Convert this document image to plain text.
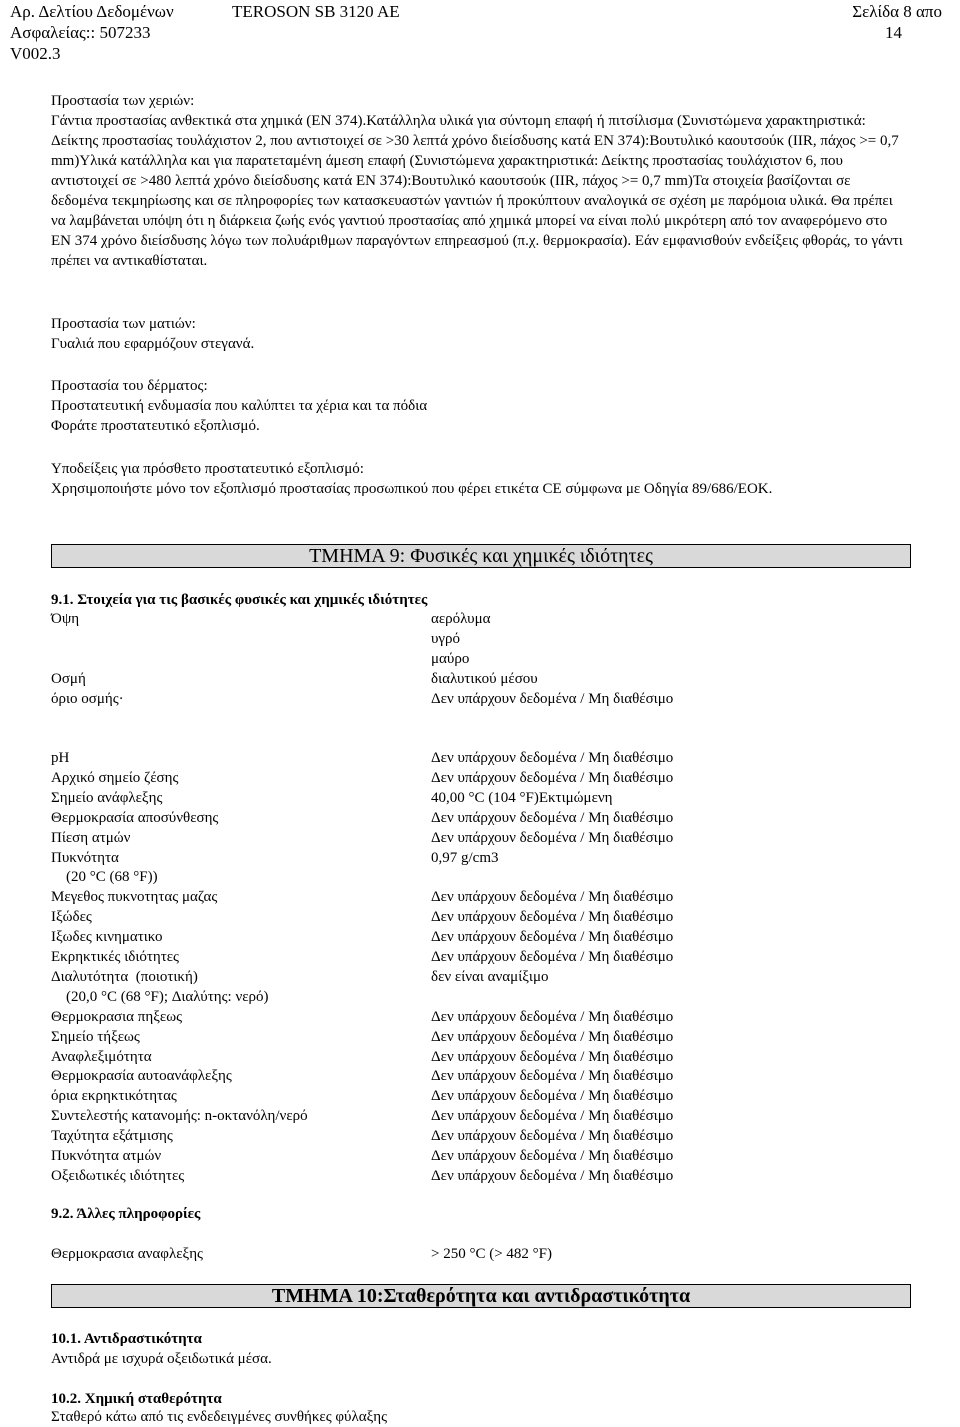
Αρ. Δελτίου Δεδομένων	TEROSON SB 3120 AE	Σελίδα 8 απο
Ασφαλείας:: 507233	14
V002.3
Προστασία των χεριών:
Γάντια προστασίας ανθεκτικά στα χημικά (EN 374).Κατάλληλα υλικά για σύντομη επαφή ή πιτσίλισμα (Συνιστώμενα χαρακτηριστικά: Δείκτης προστασίας τουλάχιστον 2, που αντιστοιχεί σε >30 λεπτά χρόνο διείσδυσης κατά EN 374):Βουτυλικό καουτσούκ (IIR, πάχος >= 0,7 mm)Υλικά κατάλληλα και για παρατεταμένη άμεση επαφή (Συνιστώμενα χαρακτηριστικά: Δείκτης προστασίας τουλάχιστον 6, που αντιστοιχεί σε >480 λεπτά χρόνο διείσδυσης κατά EN 374):Βουτυλικό καουτσούκ (IIR, πάχος >= 0,7 mm)Τα στοιχεία βασίζονται σε δεδομένα τεκμηρίωσης και σε πληροφορίες των κατασκευαστών γαντιών ή προκύπτουν αναλογικά σε σχέση με παρόμοια υλικά. Θα πρέπει να λαμβάνεται υπόψη ότι η διάρκεια ζωής ενός γαντιού προστασίας από χημικά μπορεί να είναι πολύ μικρότερη από τον αναφερόμενο στο EN 374 χρόνο διείσδυσης λόγω των πολυάριθμων παραγόντων επηρεασμού (π.χ. θερμοκρασία). Εάν εμφανισθούν ενδείξεις φθοράς, το γάντι πρέπει να αντικαθίσταται.
Προστασία των ματιών:
Γυαλιά που εφαρμόζουν στεγανά.
Προστασία του δέρματος:
Προστατευτική ενδυμασία που καλύπτει τα χέρια και τα πόδια
Φοράτε προστατευτικό εξοπλισμό.
Υποδείξεις για πρόσθετο προστατευτικό εξοπλισμό:
Χρησιμοποιήστε μόνο τον εξοπλισμό προστασίας προσωπικού που φέρει ετικέτα CE σύμφωνα με Οδηγία 89/686/ΕΟΚ.
ΤΜΗΜΑ 9: Φυσικές και χημικές ιδιότητες
9.1. Στοιχεία για τις βασικές φυσικές και χημικές ιδιότητες
Όψη	αερόλυμα
υγρό
μαύρο
Οσμή	διαλυτικού μέσου
όριο οσμής·	Δεν υπάρχουν δεδομένα / Μη διαθέσιμο
pH	Δεν υπάρχουν δεδομένα / Μη διαθέσιμο
Αρχικό σημείο ζέσης	Δεν υπάρχουν δεδομένα / Μη διαθέσιμο
Σημείο ανάφλεξης	40,00 °C (104 °F)Εκτιμώμενη
Θερμοκρασία αποσύνθεσης	Δεν υπάρχουν δεδομένα / Μη διαθέσιμο
Πίεση ατμών	Δεν υπάρχουν δεδομένα / Μη διαθέσιμο
Πυκνότητα	0,97 g/cm3
(20 °C (68 °F))
Μεγεθος πυκνοτητας μαζας	Δεν υπάρχουν δεδομένα / Μη διαθέσιμο
Ιξώδες	Δεν υπάρχουν δεδομένα / Μη διαθέσιμο
Ιξωδες κινηματικο	Δεν υπάρχουν δεδομένα / Μη διαθέσιμο
Εκρηκτικές ιδιότητες	Δεν υπάρχουν δεδομένα / Μη διαθέσιμο
Διαλυτότητα  (ποιοτική)	δεν είναι αναμίξιμο
(20,0 °C (68 °F); Διαλύτης: νερό)
Θερμοκρασια πηξεως	Δεν υπάρχουν δεδομένα / Μη διαθέσιμο
Σημείο τήξεως	Δεν υπάρχουν δεδομένα / Μη διαθέσιμο
Αναφλεξιμότητα	Δεν υπάρχουν δεδομένα / Μη διαθέσιμο
Θερμοκρασία αυτοανάφλεξης	Δεν υπάρχουν δεδομένα / Μη διαθέσιμο
όρια εκρηκτικότητας	Δεν υπάρχουν δεδομένα / Μη διαθέσιμο
Συντελεστής κατανομής: n-οκτανόλη/νερό	Δεν υπάρχουν δεδομένα / Μη διαθέσιμο
Ταχύτητα εξάτμισης	Δεν υπάρχουν δεδομένα / Μη διαθέσιμο
Πυκνότητα ατμών	Δεν υπάρχουν δεδομένα / Μη διαθέσιμο
Οξειδωτικές ιδιότητες	Δεν υπάρχουν δεδομένα / Μη διαθέσιμο
9.2. Άλλες πληροφορίες
Θερμοκρασια αναφλεξης	> 250 °C (> 482 °F)
ΤΜΗΜΑ 10:Σταθερότητα και αντιδραστικότητα
10.1. Αντιδραστικότητα
Αντιδρά με ισχυρά οξειδωτικά μέσα.
10.2. Χημική σταθερότητα
Σταθερό κάτω από τις ενδεδειγμένες συνθήκες φύλαξης
